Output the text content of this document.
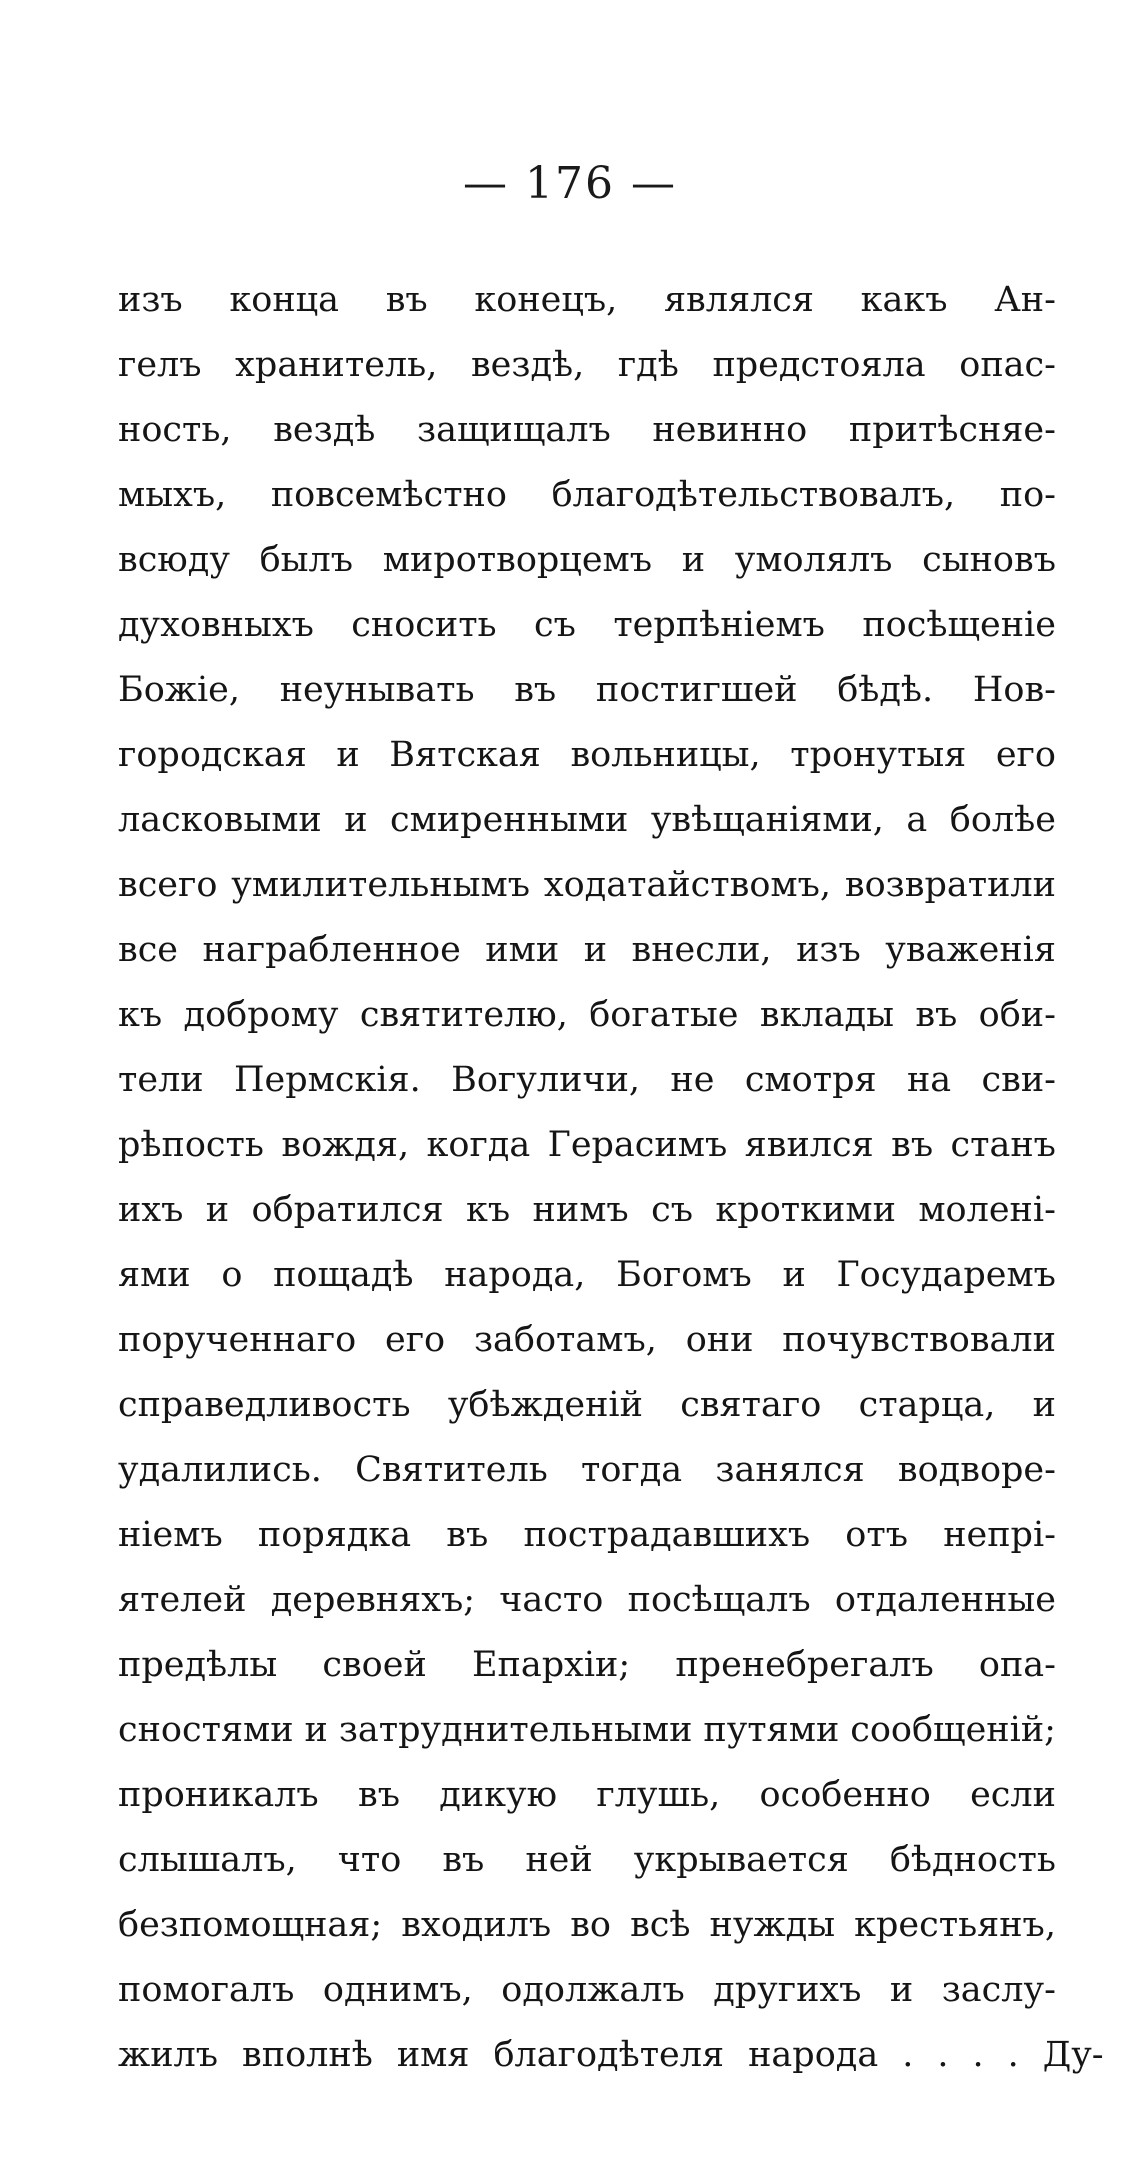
— 176 —
изъ конца въ конецъ, являлся какъ Ан-
гелъ хранитель, вездѣ, гдѣ предстояла опас-
ность, вездѣ защищалъ невинно притѣсняе-
мыхъ, повсемѣстно благодѣтельствовалъ, по-
всюду былъ миротворцемъ и умолялъ сыновъ
духовныхъ сносить съ терпѣніемъ посѣщеніе
Божіе, неунывать въ постигшей бѣдѣ. Нов-
городская и Вятская вольницы, тронутыя его
ласковыми и смиренными увѣщаніями, а болѣе
всего умилительнымъ ходатайствомъ, возвратили
все награбленное ими и внесли, изъ уваженія
къ доброму святителю, богатые вклады въ оби-
тели Пермскія. Вогуличи, не смотря на сви-
рѣпость вождя, когда Герасимъ явился въ станъ
ихъ и обратился къ нимъ съ кроткими моленi-
ями о пощадѣ народа, Богомъ и Государемъ
порученнаго его заботамъ, они почувствовали
справедливость убѣжденій святаго старца, и
удалились. Святитель тогда занялся водворе-
ніемъ порядка въ пострадавшихъ отъ непрі-
ятелей деревняхъ; часто посѣщалъ отдаленные
предѣлы своей Епархіи; пренебрегалъ опа-
сностями и затруднительными путями сообщеній;
проникалъ въ дикую глушь, особенно если
слышалъ, что въ ней укрывается бѣдность
безпомощная; входилъ во всѣ нужды крестьянъ,
помогалъ однимъ, одолжалъ другихъ и заслу-
жилъ вполнѣ имя благодѣтеля народа . . . . Ду-
